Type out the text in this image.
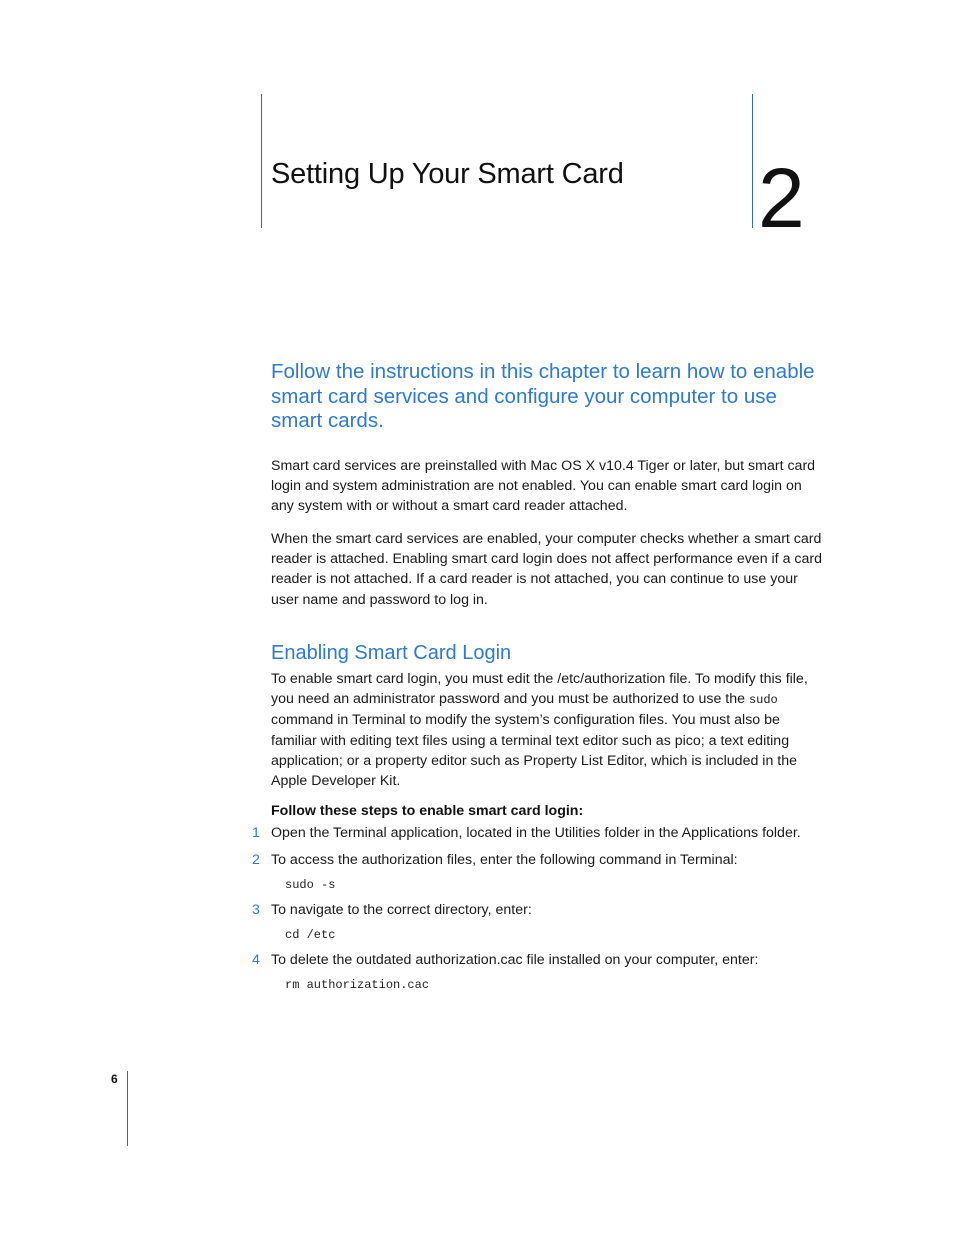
Setting Up Your Smart Card 2

Follow the instructions in this chapter to learn how to enable smart card services and configure your computer to use smart cards.

Smart card services are preinstalled with Mac OS X v10.4 Tiger or later, but smart card login and system administration are not enabled. You can enable smart card login on any system with or without a smart card reader attached.

When the smart card services are enabled, your computer checks whether a smart card reader is attached. Enabling smart card login does not affect performance even if a card reader is not attached. If a card reader is not attached, you can continue to use your user name and password to log in.

Enabling Smart Card Login

To enable smart card login, you must edit the /etc/authorization file. To modify this file, you need an administrator password and you must be authorized to use the sudo command in Terminal to modify the system’s configuration files. You must also be familiar with editing text files using a terminal text editor such as pico; a text editing application; or a property editor such as Property List Editor, which is included in the Apple Developer Kit.

Follow these steps to enable smart card login:
1 Open the Terminal application, located in the Utilities folder in the Applications folder.
2 To access the authorization files, enter the following command in Terminal:
sudo -s
3 To navigate to the correct directory, enter:
cd /etc
4 To delete the outdated authorization.cac file installed on your computer, enter:
rm authorization.cac
6
